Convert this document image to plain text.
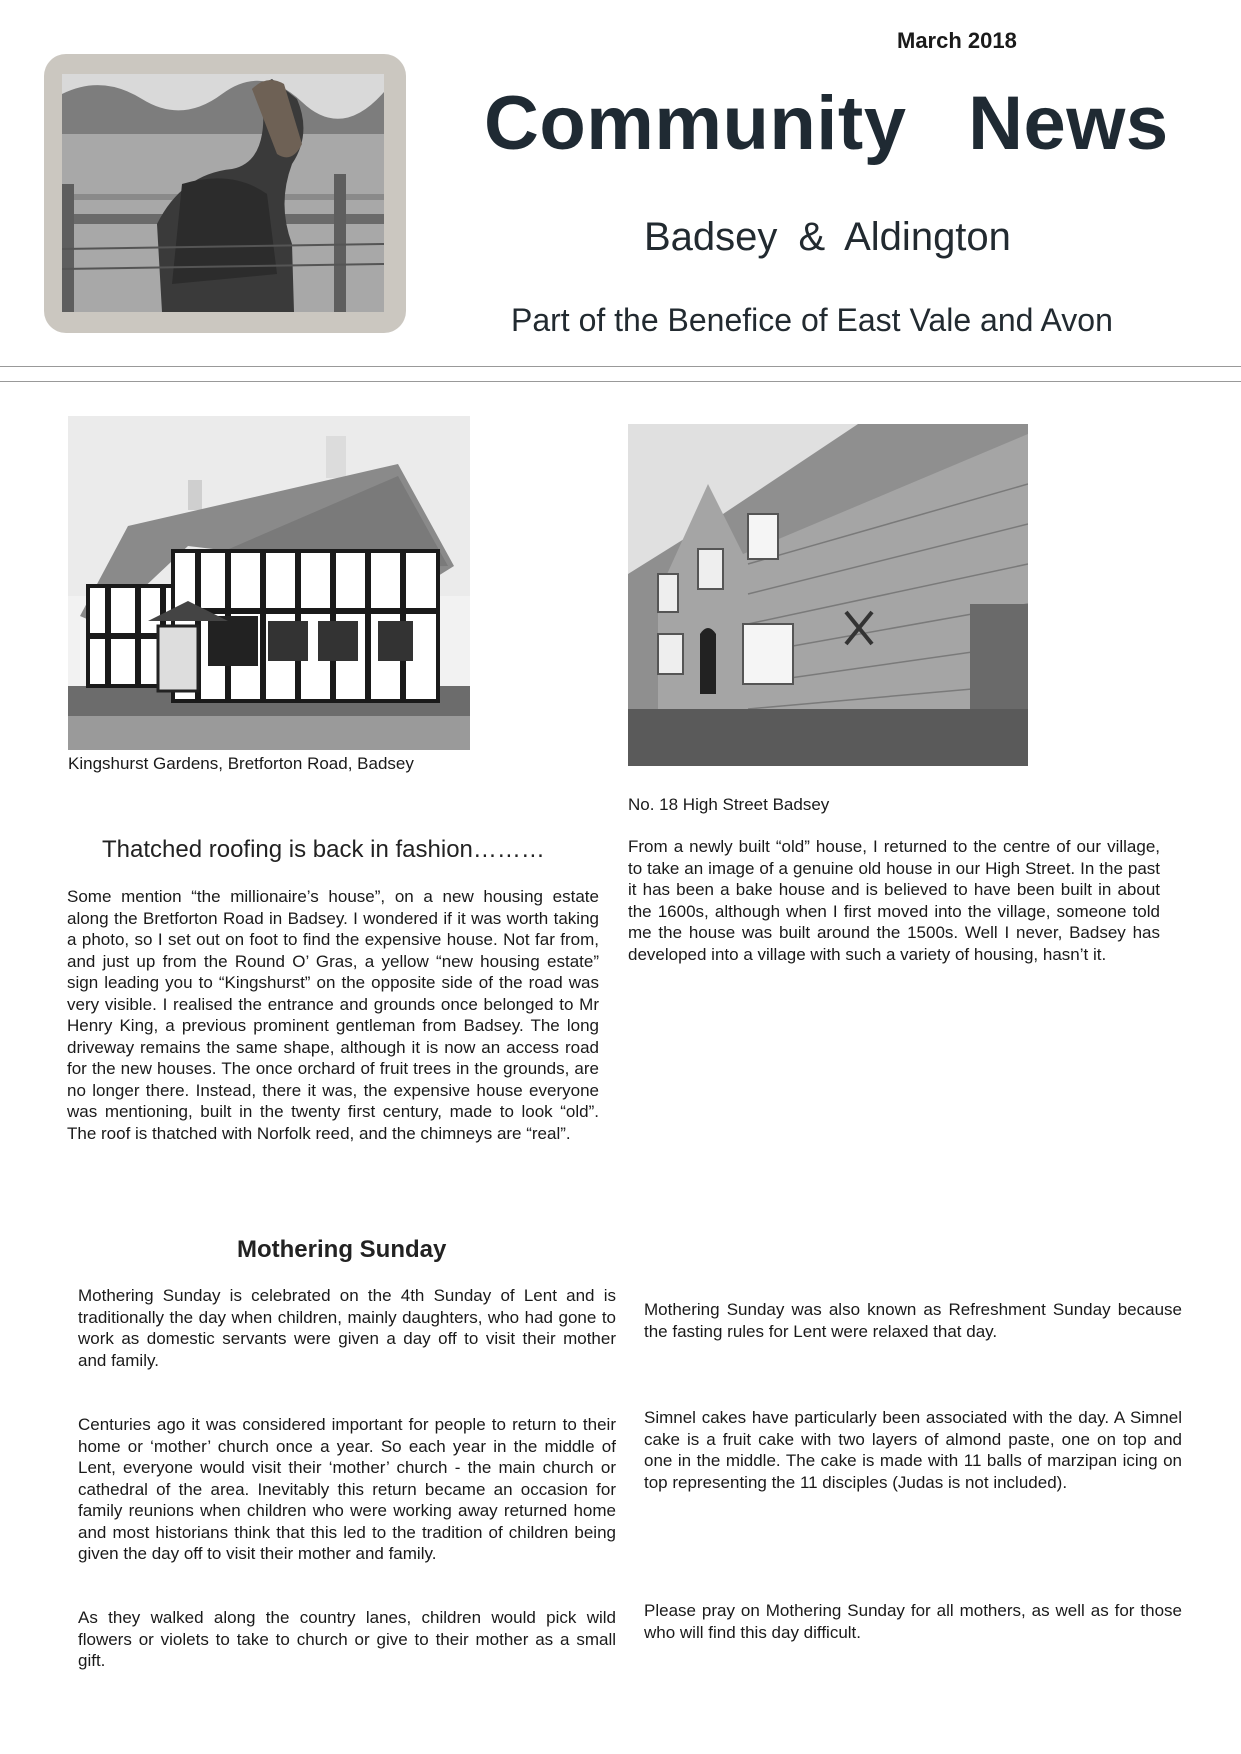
March 2018
Community News
Badsey & Aldington
Part of the Benefice of East Vale and Avon
Kingshurst Gardens, Bretforton Road, Badsey
No. 18 High Street Badsey
Thatched roofing is back in fashion………
Some mention “the millionaire’s house”, on a new housing estate along the Bretforton Road in Badsey. I wondered if it was worth taking a photo, so I set out on foot to find the expensive house. Not far from, and just up from the Round O’ Gras, a yellow “new housing estate” sign leading you to “Kingshurst” on the opposite side of the road was very visible. I realised the entrance and grounds once belonged to Mr Henry King, a previous prominent gentleman from Badsey. The long driveway remains the same shape, although it is now an access road for the new houses. The once orchard of fruit trees in the grounds, are no longer there. Instead, there it was, the expensive house everyone was mentioning, built in the twenty first century, made to look “old”. The roof is thatched with Norfolk reed, and the chimneys are “real”.
From a newly built “old” house, I returned to the centre of our village, to take an image of a genuine old house in our High Street. In the past it has been a bake house and is believed to have been built in about the 1600s, although when I first moved into the village, someone told me the house was built around the 1500s. Well I never, Badsey has developed into a village with such a variety of housing, hasn’t it.
Mothering Sunday
Mothering Sunday is celebrated on the 4th Sunday of Lent and is traditionally the day when children, mainly daughters, who had gone to work as domestic servants were given a day off to visit their mother and family.
Centuries ago it was considered important for people to return to their home or ‘mother’ church once a year. So each year in the middle of Lent, everyone would visit their ‘mother’ church - the main church or cathedral of the area. Inevitably this return became an occasion for family reunions when children who were working away returned home and most historians think that this led to the tradition of children being given the day off to visit their mother and family.
As they walked along the country lanes, children would pick wild flowers or violets to take to church or give to their mother as a small gift.
Mothering Sunday was also known as Refreshment Sunday because the fasting rules for Lent were relaxed that day.
Simnel cakes have particularly been associated with the day. A Simnel cake is a fruit cake with two layers of almond paste, one on top and one in the middle. The cake is made with 11 balls of marzipan icing on top representing the 11 disciples (Judas is not included).
Please pray on Mothering Sunday for all mothers, as well as for those who will find this day difficult.
